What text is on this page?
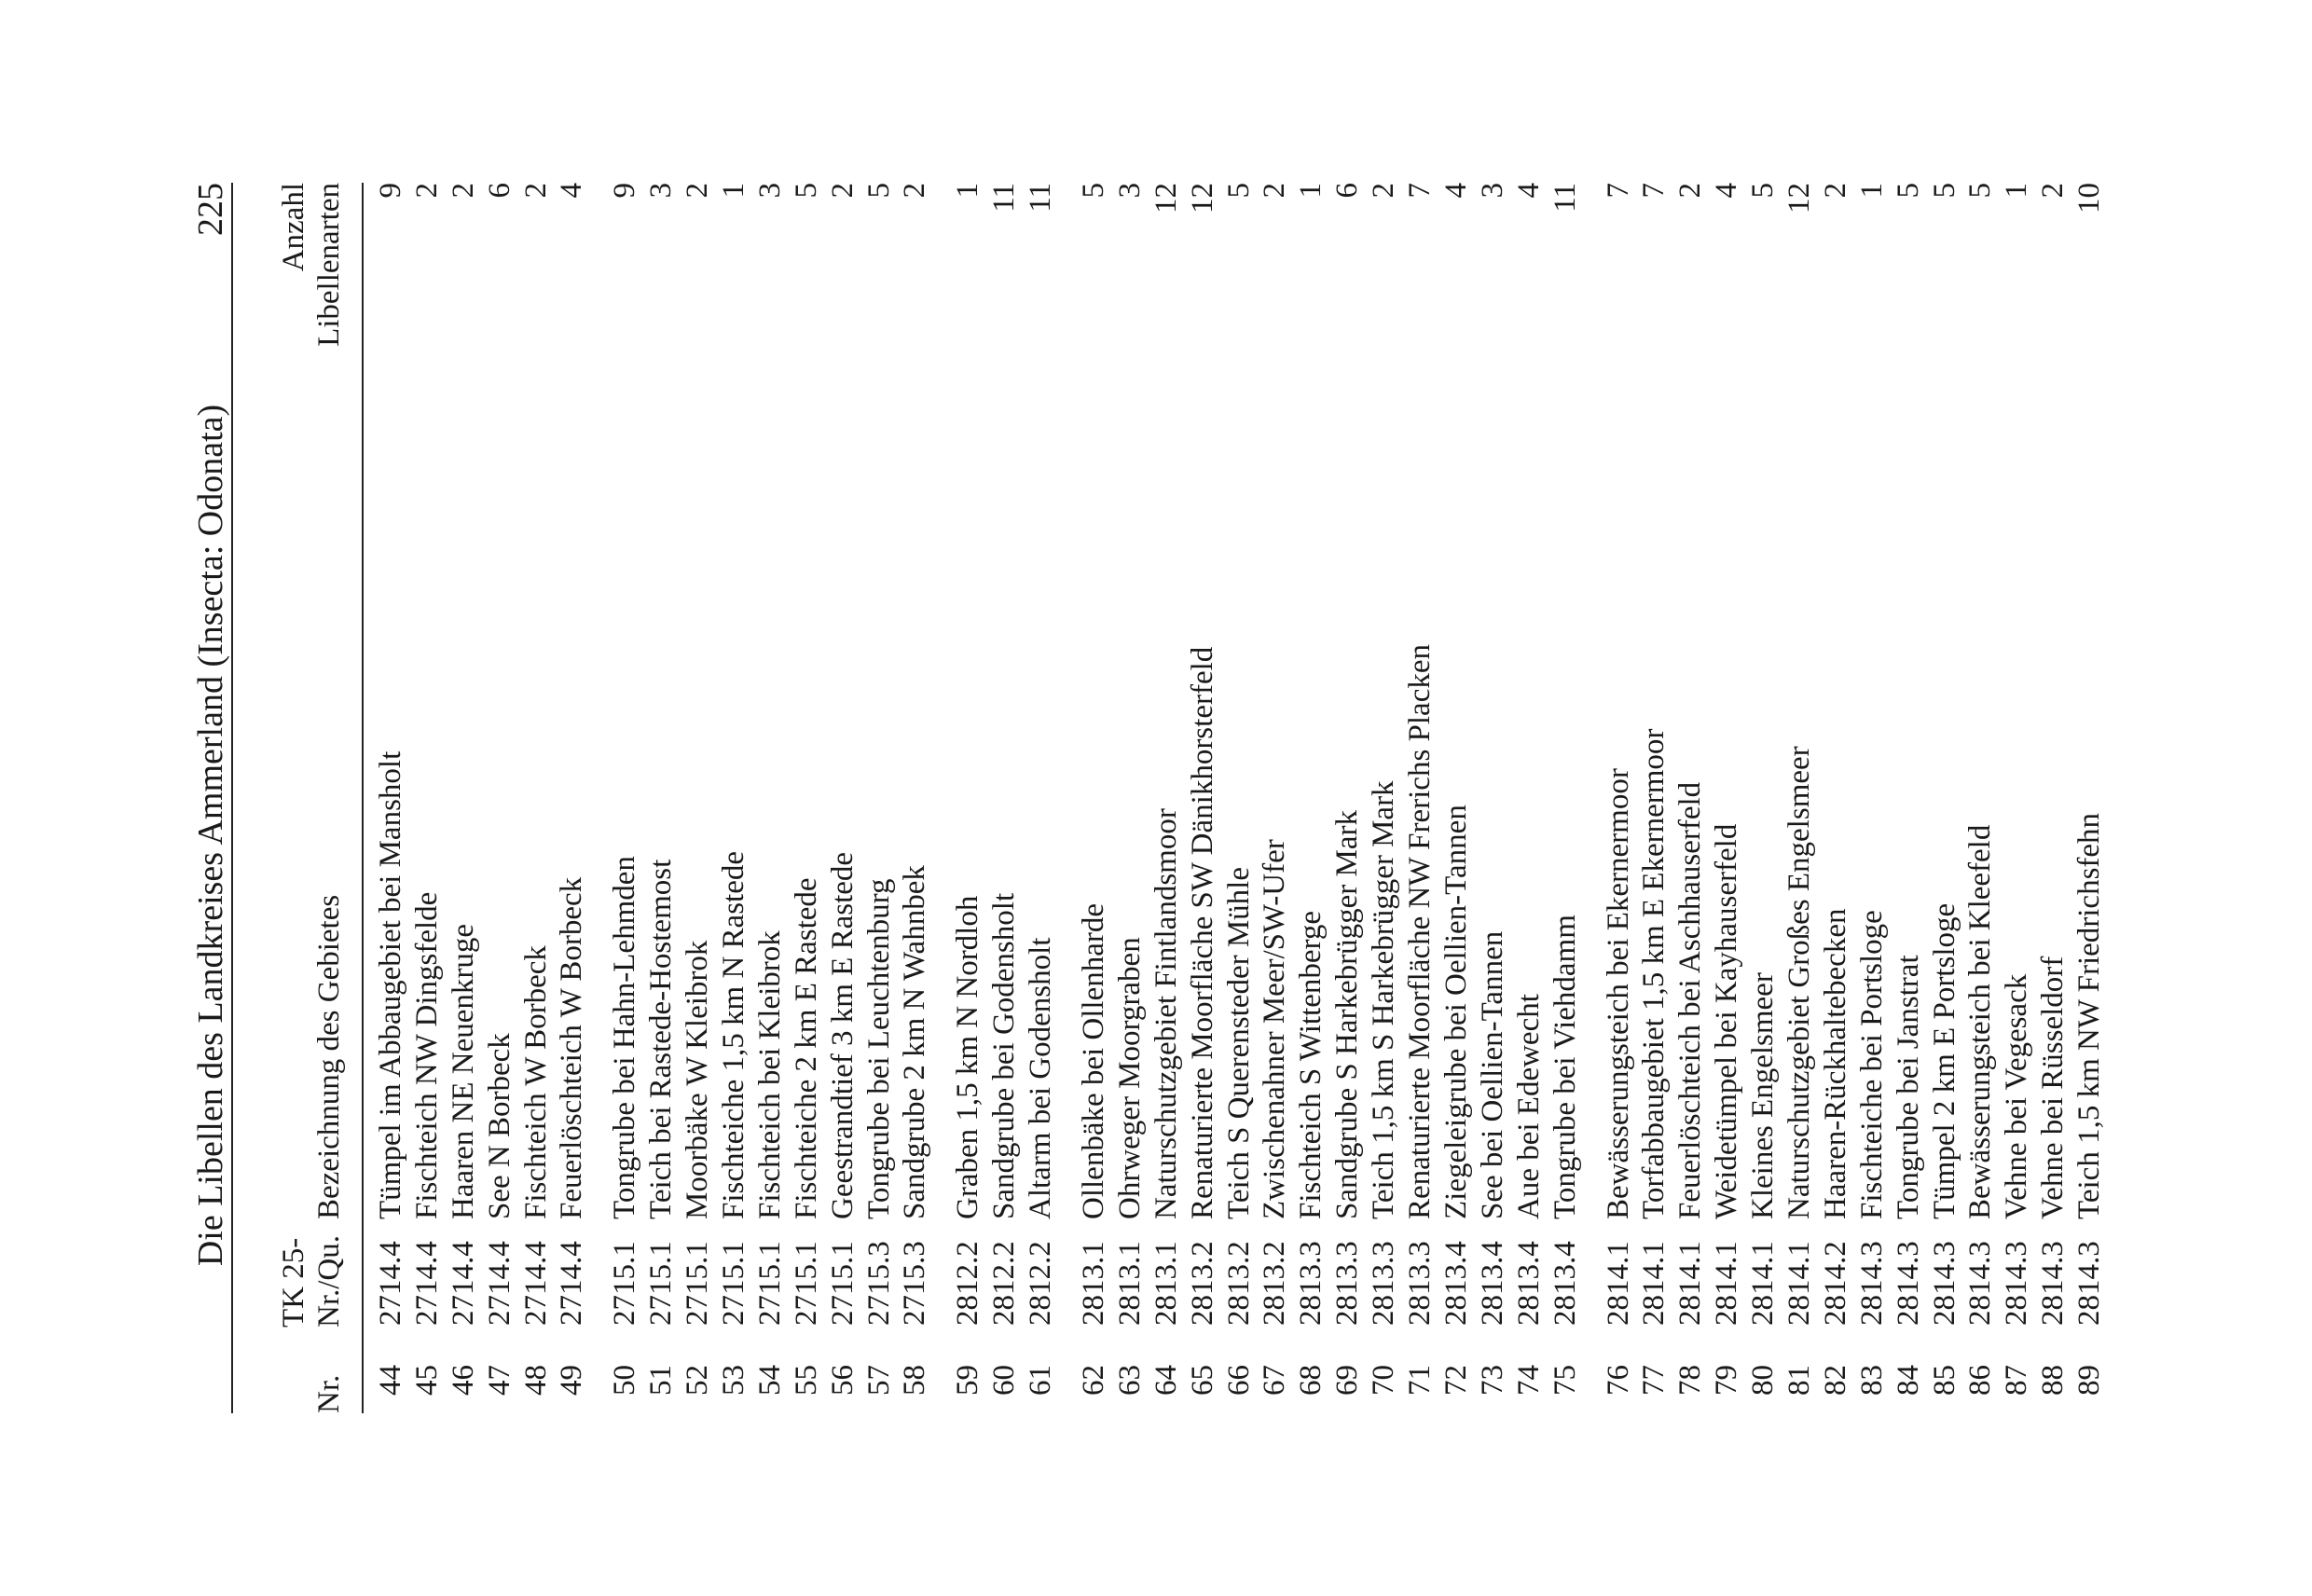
Die Libellen des Landkreises Ammerland (Insecta: Odonata)
225
Nr.
TK 25- Nr./Qu.
Bezeichnung des Gebietes
Anzahl Libellenarten
44
2714.4
Tümpel im Abbaugebiet bei Mansholt
9
45
2714.4
Fischteich NW Dingsfelde
2
46
2714.4
Haaren NE Neuenkruge
2
47
2714.4
See N Borbeck
6
48
2714.4
Fischteich W Borbeck
2
49
2714.4
Feuerlöschteich W Borbeck
4
50
2715.1
Tongrube bei Hahn-Lehmden
9
51
2715.1
Teich bei Rastede-Hostemost
3
52
2715.1
Moorbäke W Kleibrok
2
53
2715.1
Fischteiche 1,5 km N Rastede
1
54
2715.1
Fischteich bei Kleibrok
3
55
2715.1
Fischteiche 2 km E Rastede
5
56
2715.1
Geestrandtief 3 km E Rastede
2
57
2715.3
Tongrube bei Leuchtenburg
5
58
2715.3
Sandgrube 2 km N Wahnbek
2
59
2812.2
Graben 1,5 km N Nordloh
1
60
2812.2
Sandgrube bei Godensholt
11
61
2812.2
Altarm bei Godensholt
11
62
2813.1
Ollenbäke bei Ollenharde
5
63
2813.1
Ohrweger Moorgraben
3
64
2813.1
Naturschutzgebiet Fintlandsmoor
12
65
2813.2
Renaturierte Moorfläche SW Dänikhorsterfeld
12
66
2813.2
Teich S Querensteder Mühle
5
67
2813.2
Zwischenahner Meer/SW-Ufer
2
68
2813.3
Fischteich S Wittenberge
1
69
2813.3
Sandgrube S Harkebrügger Mark
6
70
2813.3
Teich 1,5 km S Harkebrügger Mark
2
71
2813.3
Renaturierte Moorfläche NW Frerichs Placken
7
72
2813.4
Ziegeleigrube bei Oellien-Tannen
4
73
2813.4
See bei Oellien-Tannen
3
74
2813.4
Aue bei Edewecht
4
75
2813.4
Tongrube bei Viehdamm
11
76
2814.1
Bewässerungsteich bei Ekernermoor
7
77
2814.1
Torfabbaugebiet 1,5 km E Ekernermoor
7
78
2814.1
Feuerlöschteich bei Aschhauserfeld
2
79
2814.1
Weidetümpel bei Kayhauserfeld
4
80
2814.1
Kleines Engelsmeer
5
81
2814.1
Naturschutzgebiet Großes Engelsmeer
12
82
2814.2
Haaren-Rückhaltebecken
2
83
2814.3
Fischteiche bei Portsloge
1
84
2814.3
Tongrube bei Janstrat
5
85
2814.3
Tümpel 2 km E Portsloge
5
86
2814.3
Bewässerungsteich bei Kleefeld
5
87
2814.3
Vehne bei Vegesack
1
88
2814.3
Vehne bei Rüsseldorf
2
89
2814.3
Teich 1,5 km NW Friedrichsfehn
10
